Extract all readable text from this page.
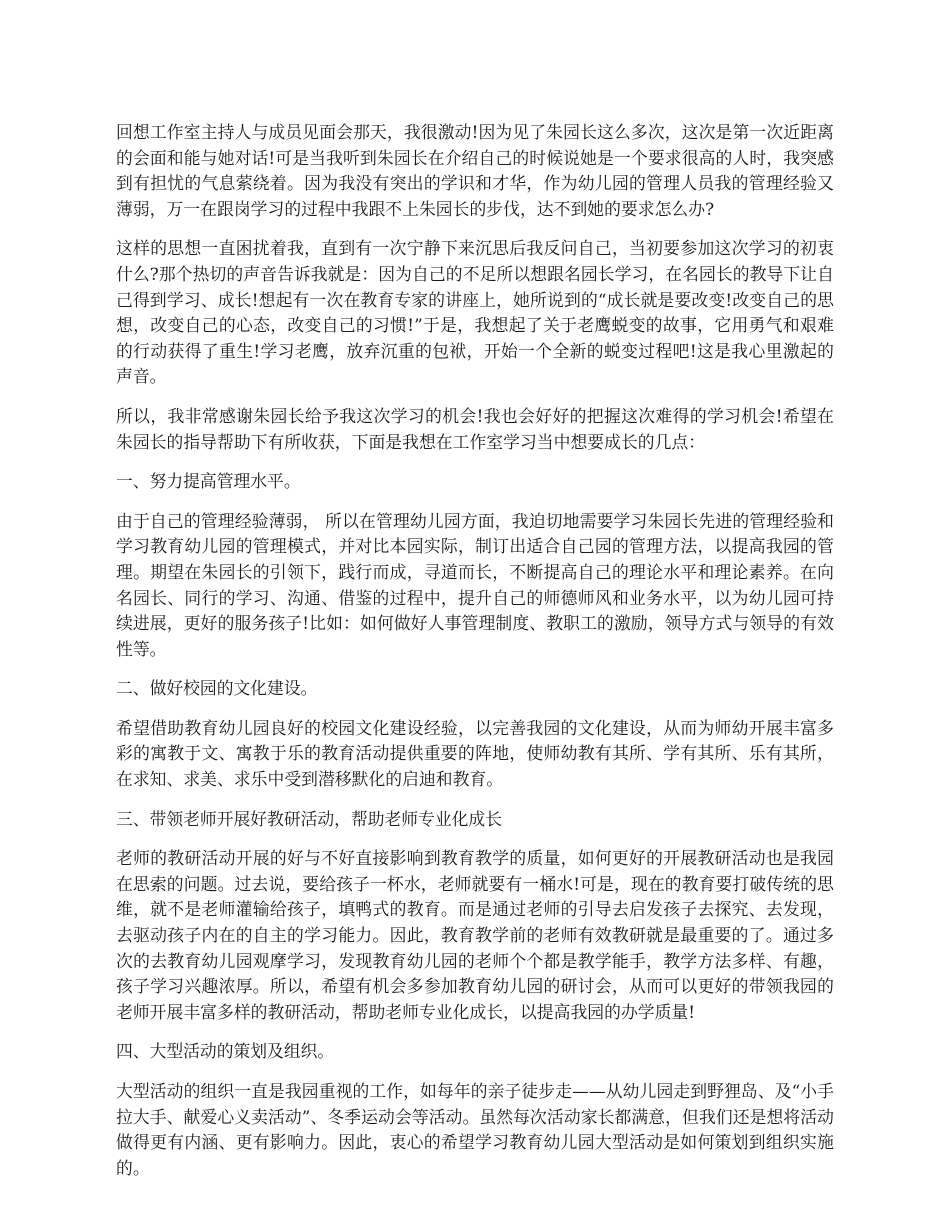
回想工作室主持人与成员见面会那天，我很激动!因为见了朱园长这么多次，这次是第一次近距离的会面和能与她对话!可是当我听到朱园长在介绍自己的时候说她是一个要求很高的人时，我突感到有担忧的气息萦绕着。因为我没有突出的学识和才华，作为幼儿园的管理人员我的管理经验又薄弱，万一在跟岗学习的过程中我跟不上朱园长的步伐，达不到她的要求怎么办?

这样的思想一直困扰着我，直到有一次宁静下来沉思后我反问自己，当初要参加这次学习的初衷什么?那个热切的声音告诉我就是：因为自己的不足所以想跟名园长学习，在名园长的教导下让自己得到学习、成长!想起有一次在教育专家的讲座上，她所说到的“成长就是要改变!改变自己的思想，改变自己的心态，改变自己的习惯!”于是，我想起了关于老鹰蜕变的故事，它用勇气和艰难的行动获得了重生!学习老鹰，放弃沉重的包袱，开始一个全新的蜕变过程吧!这是我心里激起的声音。

所以，我非常感谢朱园长给予我这次学习的机会!我也会好好的把握这次难得的学习机会!希望在朱园长的指导帮助下有所收获，下面是我想在工作室学习当中想要成长的几点：

一、努力提高管理水平。

由于自己的管理经验薄弱， 所以在管理幼儿园方面，我迫切地需要学习朱园长先进的管理经验和学习教育幼儿园的管理模式，并对比本园实际，制订出适合自己园的管理方法，以提高我园的管理。期望在朱园长的引领下，践行而成，寻道而长，不断提高自己的理论水平和理论素养。在向名园长、同行的学习、沟通、借鉴的过程中，提升自己的师德师风和业务水平，以为幼儿园可持续进展，更好的服务孩子!比如：如何做好人事管理制度、教职工的激励，领导方式与领导的有效性等。

二、做好校园的文化建设。

希望借助教育幼儿园良好的校园文化建设经验，以完善我园的文化建设，从而为师幼开展丰富多彩的寓教于文、寓教于乐的教育活动提供重要的阵地，使师幼教有其所、学有其所、乐有其所，在求知、求美、求乐中受到潜移默化的启迪和教育。

三、带领老师开展好教研活动，帮助老师专业化成长

老师的教研活动开展的好与不好直接影响到教育教学的质量，如何更好的开展教研活动也是我园在思索的问题。过去说，要给孩子一杯水，老师就要有一桶水!可是，现在的教育要打破传统的思维，就不是老师灌输给孩子，填鸭式的教育。而是通过老师的引导去启发孩子去探究、去发现，去驱动孩子内在的自主的学习能力。因此，教育教学前的老师有效教研就是最重要的了。通过多次的去教育幼儿园观摩学习，发现教育幼儿园的老师个个都是教学能手，教学方法多样、有趣，孩子学习兴趣浓厚。所以，希望有机会多参加教育幼儿园的研讨会，从而可以更好的带领我园的老师开展丰富多样的教研活动，帮助老师专业化成长，以提高我园的办学质量!

四、大型活动的策划及组织。

大型活动的组织一直是我园重视的工作，如每年的亲子徒步走——从幼儿园走到野狸岛、及“小手拉大手、献爱心义卖活动”、冬季运动会等活动。虽然每次活动家长都满意，但我们还是想将活动做得更有内涵、更有影响力。因此，衷心的希望学习教育幼儿园大型活动是如何策划到组织实施的。
